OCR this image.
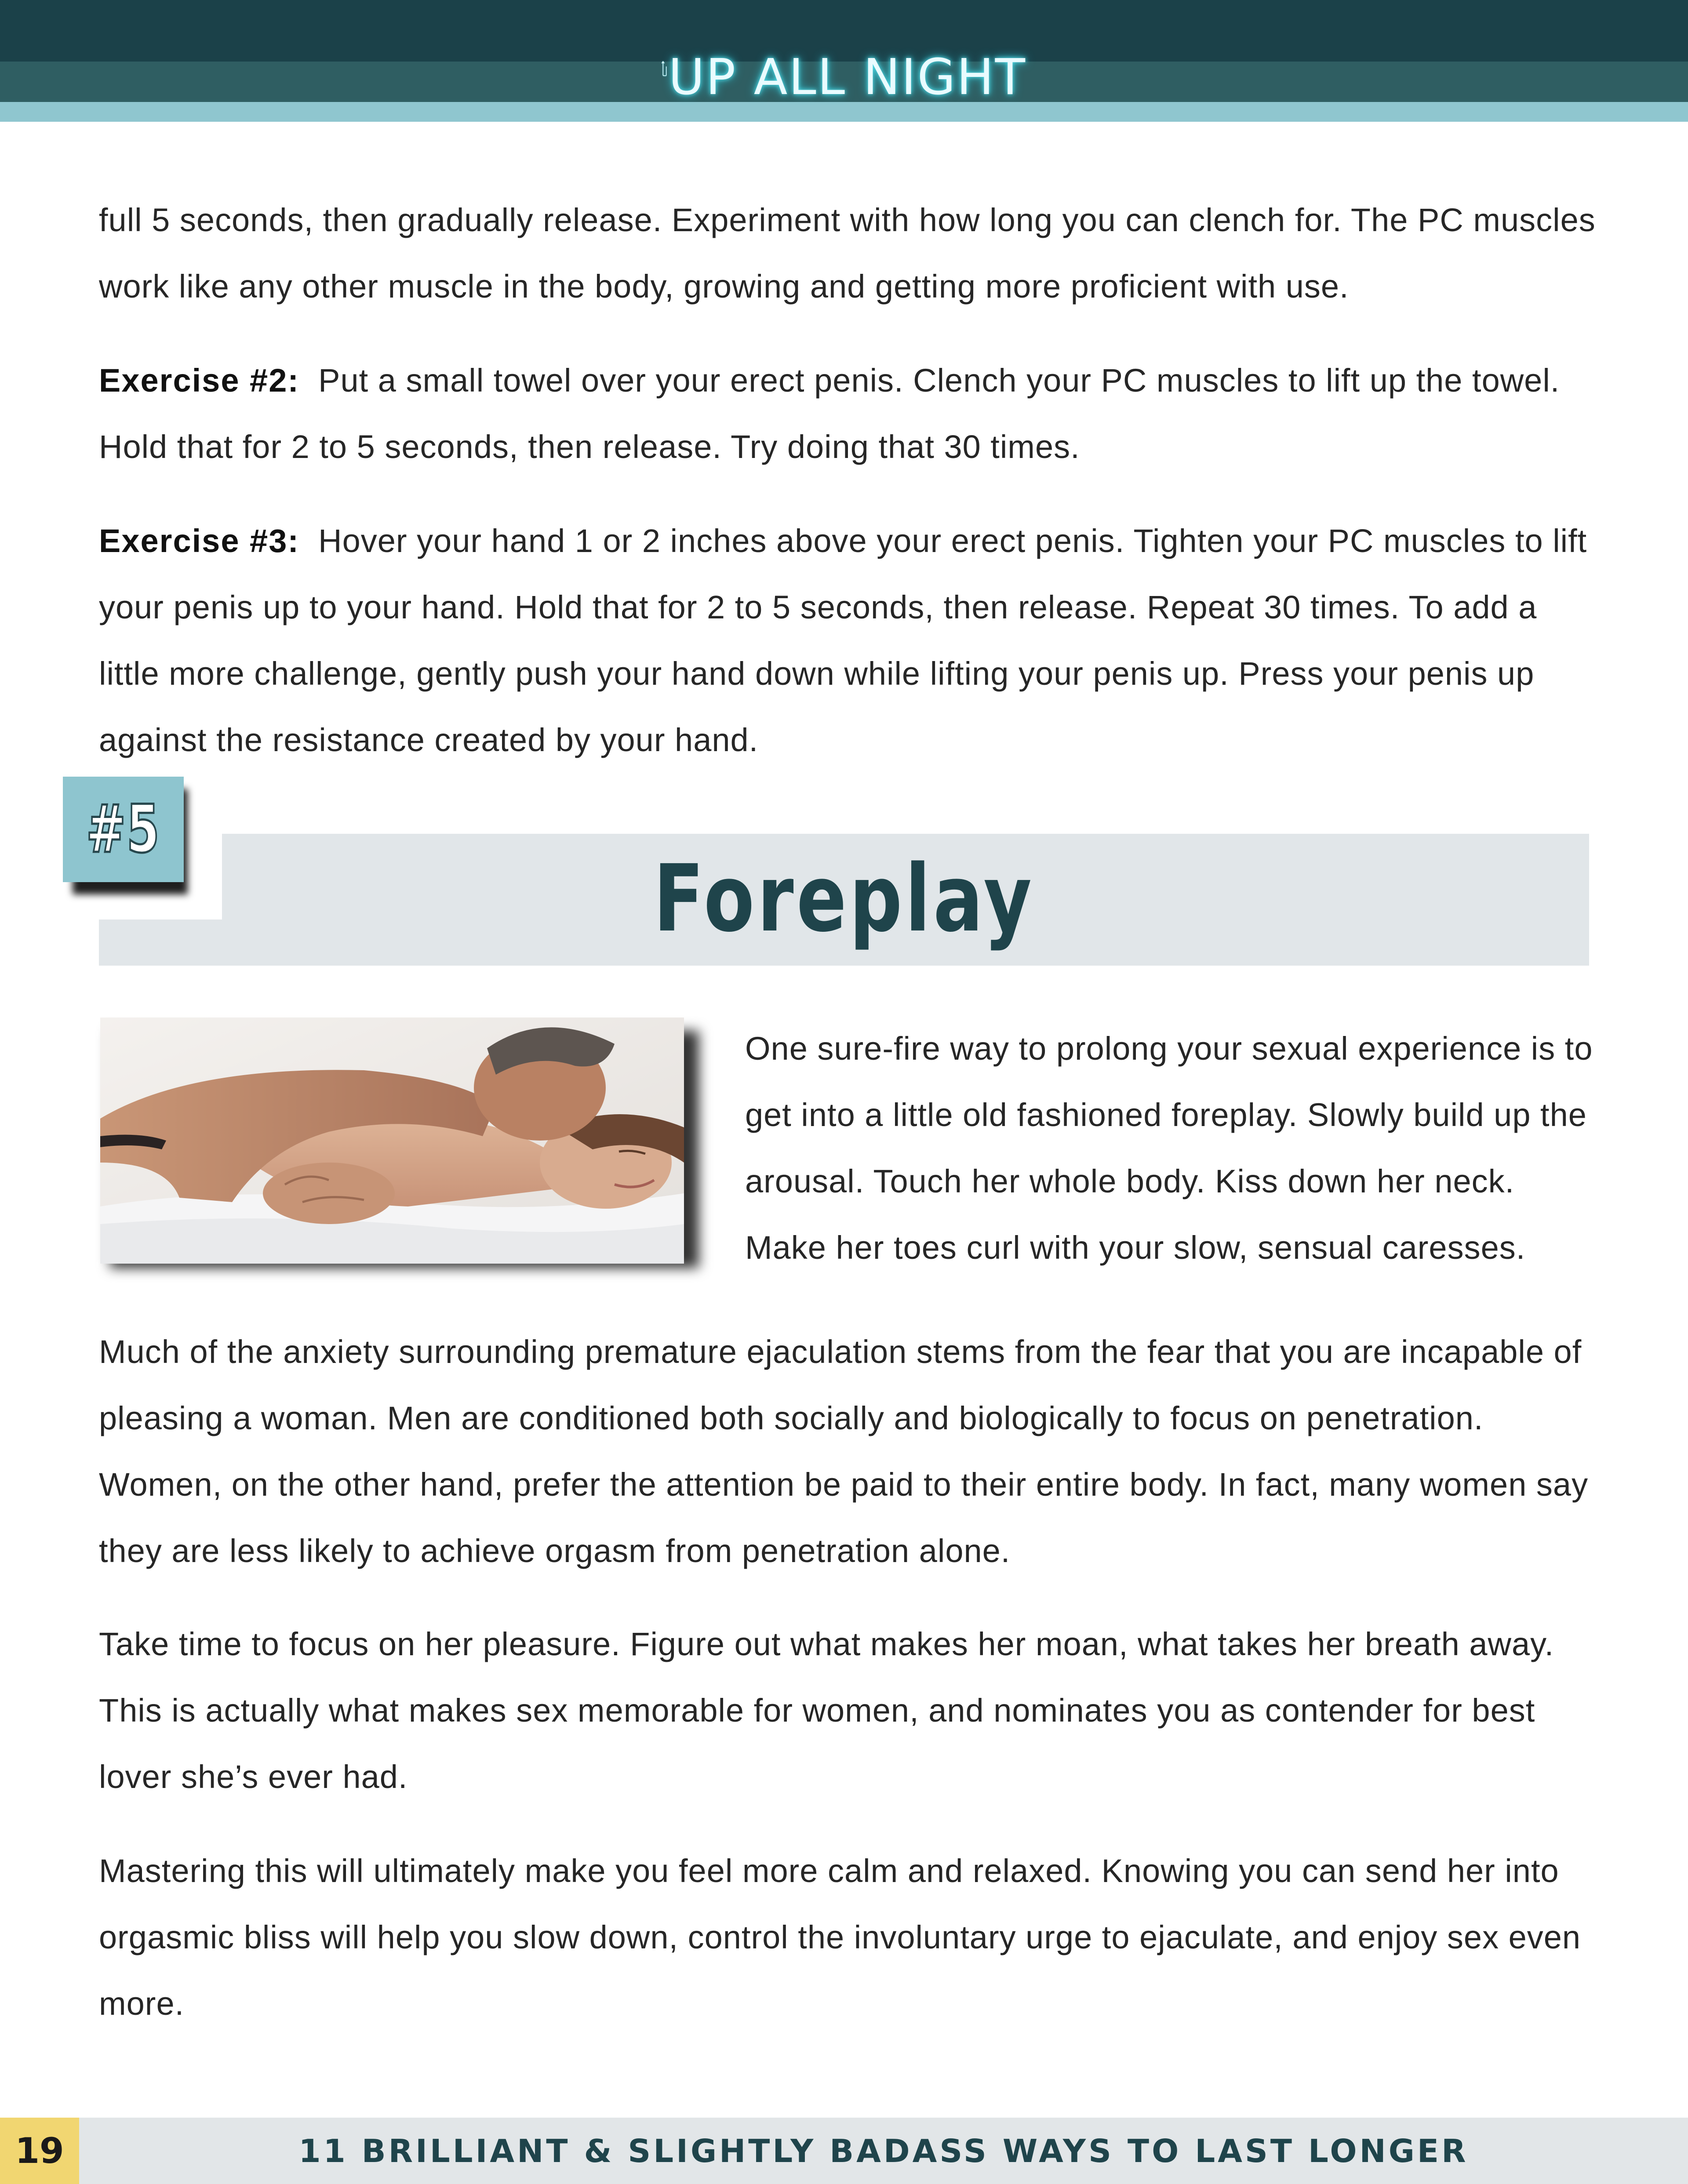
UP ALL NIGHT

full 5 seconds, then gradually release. Experiment with how long you can clench for. The PC muscles work like any other muscle in the body, growing and getting more proficient with use.

Exercise #2: Put a small towel over your erect penis. Clench your PC muscles to lift up the towel. Hold that for 2 to 5 seconds, then release. Try doing that 30 times.

Exercise #3: Hover your hand 1 or 2 inches above your erect penis. Tighten your PC muscles to lift your penis up to your hand. Hold that for 2 to 5 seconds, then release. Repeat 30 times. To add a little more challenge, gently push your hand down while lifting your penis up. Press your penis up against the resistance created by your hand.

#5
Foreplay

One sure-fire way to prolong your sexual experience is to get into a little old fashioned foreplay. Slowly build up the arousal. Touch her whole body. Kiss down her neck. Make her toes curl with your slow, sensual caresses.

Much of the anxiety surrounding premature ejaculation stems from the fear that you are incapable of pleasing a woman. Men are conditioned both socially and biologically to focus on penetration. Women, on the other hand, prefer the attention be paid to their entire body. In fact, many women say they are less likely to achieve orgasm from penetration alone.

Take time to focus on her pleasure. Figure out what makes her moan, what takes her breath away. This is actually what makes sex memorable for women, and nominates you as contender for best lover she’s ever had.

Mastering this will ultimately make you feel more calm and relaxed. Knowing you can send her into orgasmic bliss will help you slow down, control the involuntary urge to ejaculate, and enjoy sex even more.

19	11 BRILLIANT & SLIGHTLY BADASS WAYS TO LAST LONGER
